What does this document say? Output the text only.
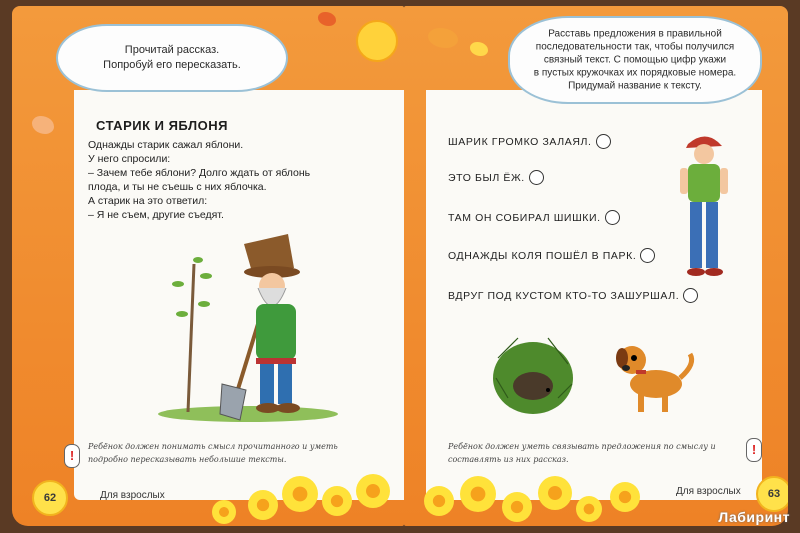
Прочитай рассказ.
Попробуй его пересказать.
СТАРИК И ЯБЛОНЯ
Однажды старик сажал яблони.
У него спросили:
– Зачем тебе яблони? Долго ждать от яблонь
плода, и ты не съешь с них яблочка.
А старик на это ответил:
– Я не съем, другие съедят.
!
Ребёнок должен понимать смысл прочитанного и уметь подробно пересказывать небольшие тексты.
62	Для взрослых
Расставь предложения в правильной
последовательности так, чтобы получился
связный текст. С помощью цифр укажи
в пустых кружочках их порядковые номера.
Придумай название к тексту.
ШАРИК ГРОМКО ЗАЛАЯЛ.
ЭТО БЫЛ ЁЖ.
ТАМ ОН СОБИРАЛ ШИШКИ.
ОДНАЖДЫ КОЛЯ ПОШЁЛ В ПАРК.
ВДРУГ ПОД КУСТОМ КТО-ТО ЗАШУРШАЛ.
!
Ребёнок должен уметь связывать предложения по смыслу и составлять из них рассказ.
63
Для взрослых
Лабиринт
